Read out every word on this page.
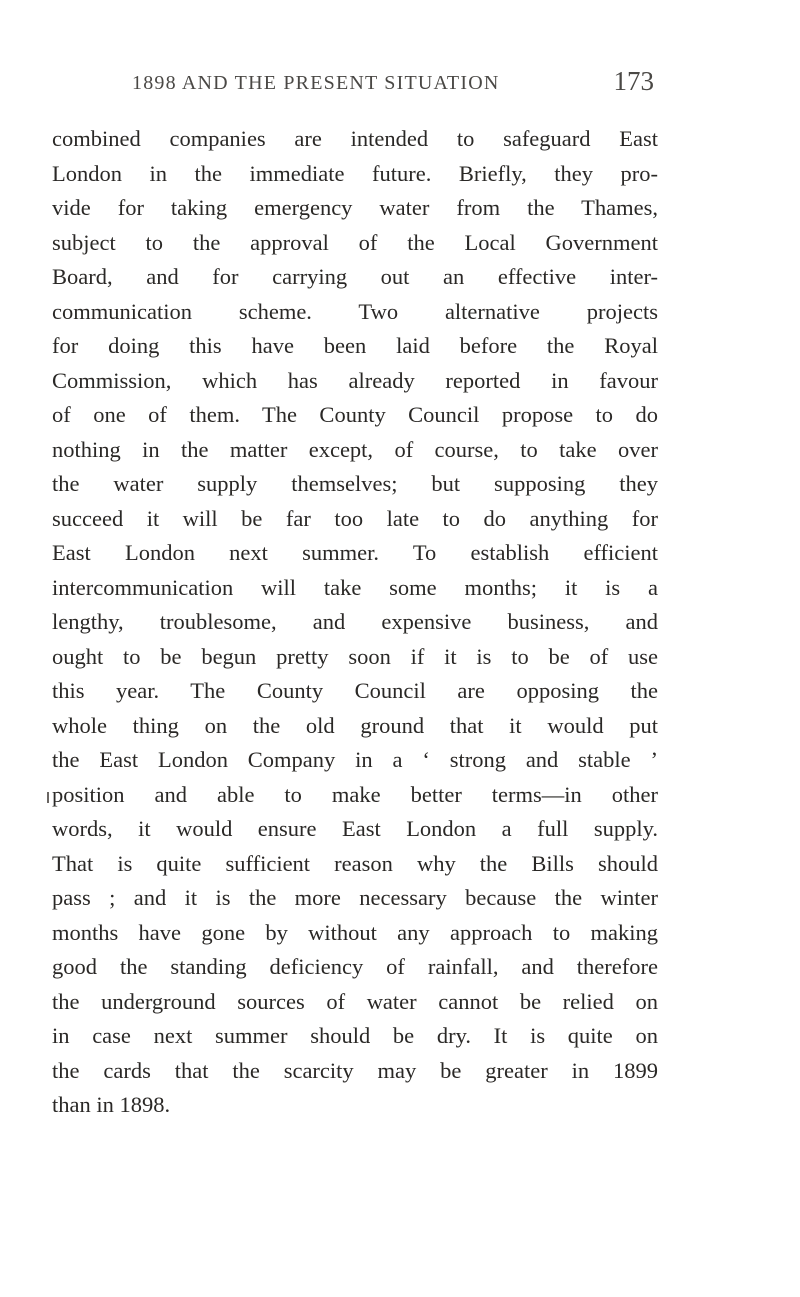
1898 AND THE PRESENT SITUATION	173
combined companies are intended to safeguard East
London in the immediate future. Briefly, they pro-
vide for taking emergency water from the Thames,
subject to the approval of the Local Government
Board, and for carrying out an effective inter-
communication scheme. Two alternative projects
for doing this have been laid before the Royal
Commission, which has already reported in favour
of one of them. The County Council propose to do
nothing in the matter except, of course, to take over
the water supply themselves; but supposing they
succeed it will be far too late to do anything for
East London next summer. To establish efficient
intercommunication will take some months; it is a
lengthy, troublesome, and expensive business, and
ought to be begun pretty soon if it is to be of use
this year. The County Council are opposing the
whole thing on the old ground that it would put
the East London Company in a ‘ strong and stable ’
position and able to make better terms—in other
words, it would ensure East London a full supply.
That is quite sufficient reason why the Bills should
pass ; and it is the more necessary because the winter
months have gone by without any approach to making
good the standing deficiency of rainfall, and therefore
the underground sources of water cannot be relied on
in case next summer should be dry. It is quite on
the cards that the scarcity may be greater in 1899
than in 1898.
